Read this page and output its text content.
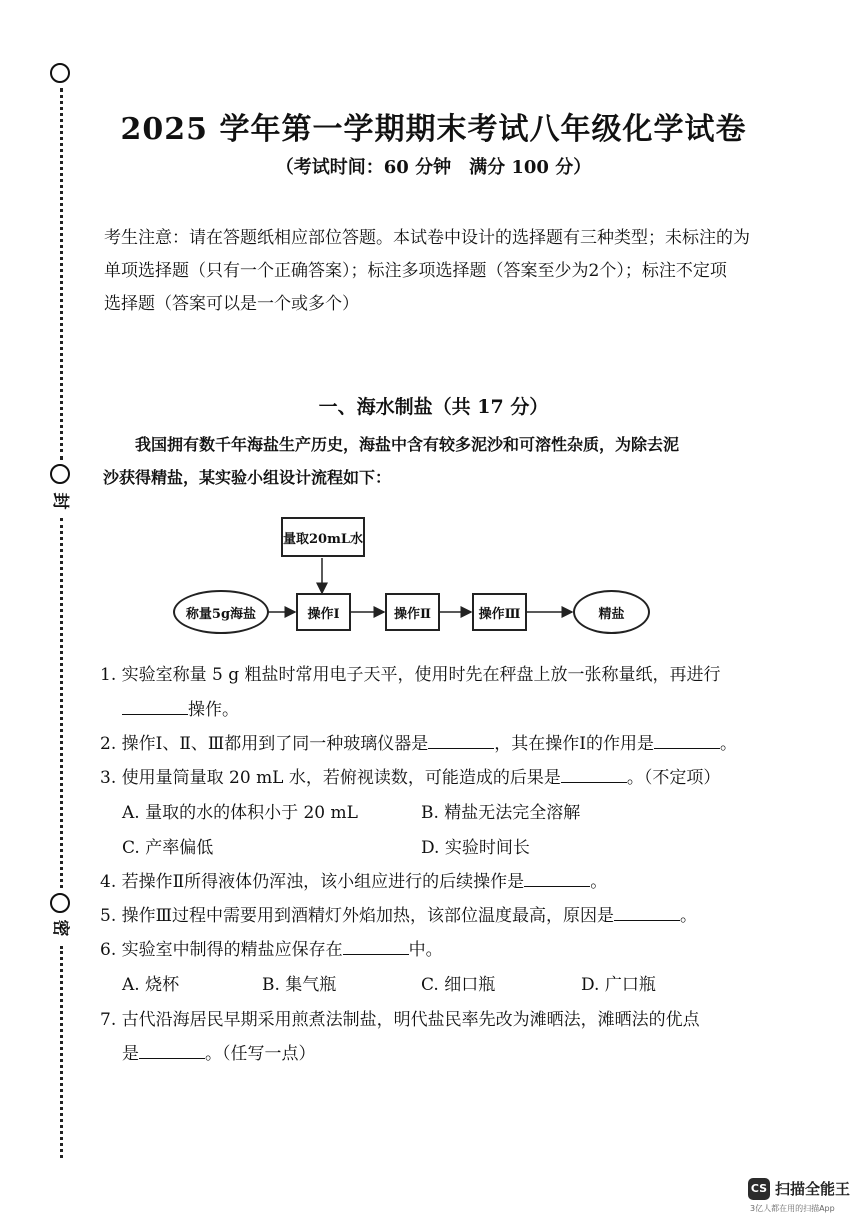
封
密
2025 学年第一学期期末考试八年级化学试卷
（考试时间：60 分钟　满分 100 分）
考生注意：请在答题纸相应部位答题。本试卷中设计的选择题有三种类型；未标注的为
单项选择题（只有一个正确答案）；标注多项选择题（答案至少为2个）；标注不定项
选择题（答案可以是一个或多个）
一、海水制盐（共 17 分）
我国拥有数千年海盐生产历史，海盐中含有较多泥沙和可溶性杂质，为除去泥
沙获得精盐，某实验小组设计流程如下：
量取20mL水
称量5g海盐	操作Ⅰ	操作Ⅱ	操作Ⅲ	精盐
1. 实验室称量 5 g 粗盐时常用电子天平，使用时先在秤盘上放一张称量纸，再进行
操作。
2. 操作Ⅰ、Ⅱ、Ⅲ都用到了同一种玻璃仪器是	，其在操作Ⅰ的作用是	。
3. 使用量筒量取 20 mL 水，若俯视读数，可能造成的后果是	。（不定项）
A. 量取的水的体积小于 20 mL	B. 精盐无法完全溶解
C. 产率偏低	D. 实验时间长
4. 若操作Ⅱ所得液体仍浑浊，该小组应进行的后续操作是	。
5. 操作Ⅲ过程中需要用到酒精灯外焰加热，该部位温度最高，原因是	。
6. 实验室中制得的精盐应保存在	中。
A. 烧杯	B. 集气瓶	C. 细口瓶	D. 广口瓶
7. 古代沿海居民早期采用煎煮法制盐，明代盐民率先改为滩晒法，滩晒法的优点
是	。（任写一点）
CS 扫描全能王
3亿人都在用的扫描App
